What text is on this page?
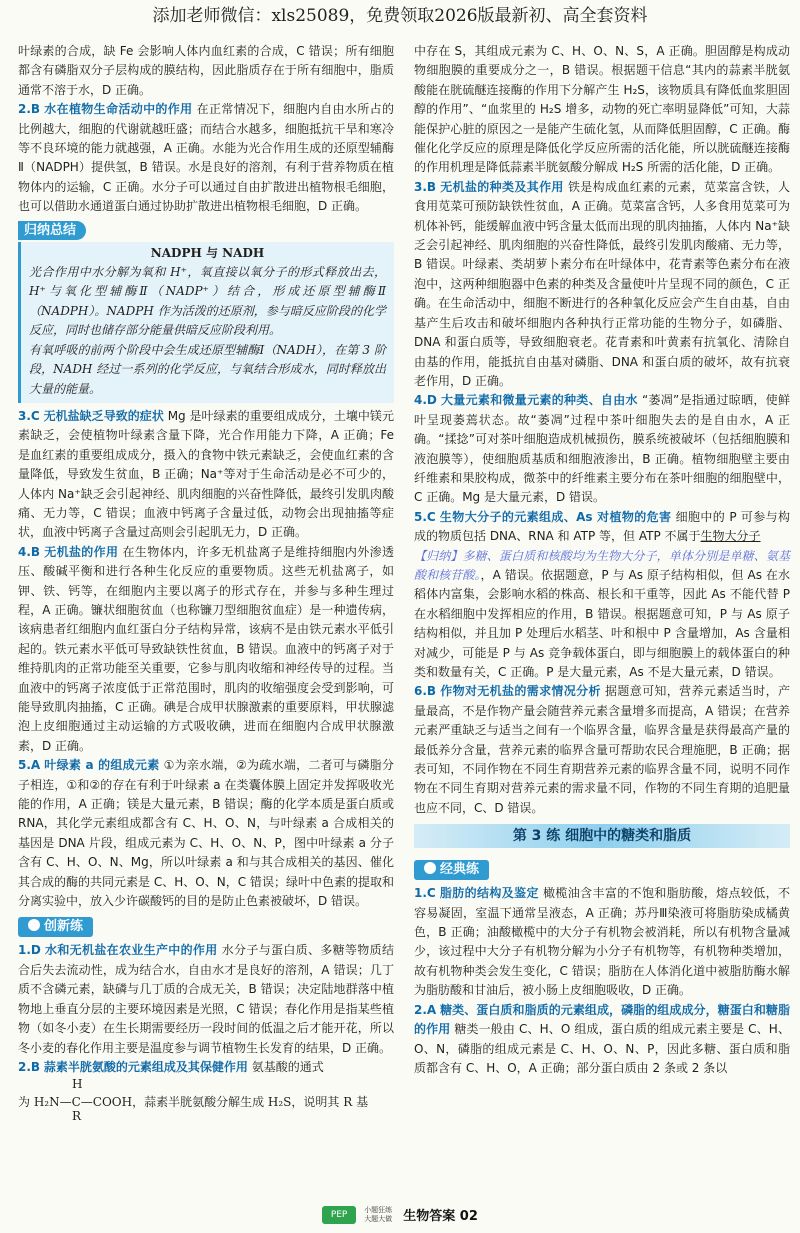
添加老师微信：xls25089，免费领取2026版最新初、高全套资料

叶绿素的合成，缺 Fe 会影响人体内血红素的合成，C 错误；所有细胞都含有磷脂双分子层构成的膜结构，因此脂质存在于所有细胞中，脂质通常不溶于水，D 正确。

2.B 水在植物生命活动中的作用 在正常情况下，细胞内自由水所占的比例越大，细胞的代谢就越旺盛；而结合水越多，细胞抵抗干旱和寒冷等不良环境的能力就越强，A 正确。水能为光合作用生成的还原型辅酶Ⅱ（NADPH）提供氢，B 错误。水是良好的溶剂，有利于营养物质在植物体内的运输，C 正确。水分子可以通过自由扩散进出植物根毛细胞，也可以借助水通道蛋白通过协助扩散进出植物根毛细胞，D 正确。

归纳总结
NADPH 与 NADH

光合作用中水分解为氧和 H⁺，氧直接以氧分子的形式释放出去，H⁺与氧化型辅酶Ⅱ（NADP⁺）结合，形成还原型辅酶Ⅱ（NADPH）。NADPH 作为活泼的还原剂，参与暗反应阶段的化学反应，同时也储存部分能量供暗反应阶段利用。

有氧呼吸的前两个阶段中会生成还原型辅酶Ⅰ（NADH），在第 3 阶段，NADH 经过一系列的化学反应，与氧结合形成水，同时释放出大量的能量。

3.C 无机盐缺乏导致的症状 Mg 是叶绿素的重要组成成分，土壤中镁元素缺乏，会使植物叶绿素含量下降，光合作用能力下降，A 正确；Fe 是血红素的重要组成成分，摄入的食物中铁元素缺乏，会使血红素的含量降低，导致发生贫血，B 正确；Na⁺等对于生命活动是必不可少的，人体内 Na⁺缺乏会引起神经、肌肉细胞的兴奋性降低，最终引发肌肉酸痛、无力等，C 错误；血液中钙离子含量过低，动物会出现抽搐等症状，血液中钙离子含量过高则会引起肌无力，D 正确。

4.B 无机盐的作用 在生物体内，许多无机盐离子是维持细胞内外渗透压、酸碱平衡和进行各种生化反应的重要物质。这些无机盐离子，如钾、铁、钙等，在细胞内主要以离子的形式存在，并参与多种生理过程，A 正确。镰状细胞贫血（也称镰刀型细胞贫血症）是一种遗传病，该病患者红细胞内血红蛋白分子结构异常，该病不是由铁元素水平低引起的。铁元素水平低可导致缺铁性贫血，B 错误。血液中的钙离子对于维持肌肉的正常功能至关重要，它参与肌肉收缩和神经传导的过程。当血液中的钙离子浓度低于正常范围时，肌肉的收缩强度会受到影响，可能导致肌肉抽搐，C 正确。碘是合成甲状腺激素的重要原料，甲状腺滤泡上皮细胞通过主动运输的方式吸收碘，进而在细胞内合成甲状腺激素，D 正确。

5.A 叶绿素 a 的组成元素 ①为亲水端，②为疏水端，二者可与磷脂分子相连，①和②的存在有利于叶绿素 a 在类囊体膜上固定并发挥吸收光能的作用，A 正确；镁是大量元素，B 错误；酶的化学本质是蛋白质或 RNA，其化学元素组成都含有 C、H、O、N，与叶绿素 a 合成相关的基因是 DNA 片段，组成元素为 C、H、O、N、P，图中叶绿素 a 分子含有 C、H、O、N、Mg，所以叶绿素 a 和与其合成相关的基因、催化其合成的酶的共同元素是 C、H、O、N，C 错误；绿叶中色素的提取和分离实验中，放入少许碳酸钙的目的是防止色素被破坏，D 错误。

创新练

1.D 水和无机盐在农业生产中的作用 水分子与蛋白质、多糖等物质结合后失去流动性，成为结合水，自由水才是良好的溶剂，A 错误；几丁质不含磷元素，缺磷与几丁质的合成无关，B 错误；决定陆地群落中植物地上垂直分层的主要环境因素是光照，C 错误；春化作用是指某些植物（如冬小麦）在生长期需要经历一段时间的低温之后才能开花，所以冬小麦的春化作用主要是温度参与调节植物生长发育的结果，D 正确。

2.B 蒜素半胱氨酸的元素组成及其保健作用 氨基酸的通式

H
为 H₂N—C—COOH，蒜素半胱氨酸分解生成 H₂S，说明其 R 基
R

中存在 S，其组成元素为 C、H、O、N、S，A 正确。胆固醇是构成动物细胞膜的重要成分之一，B 错误。根据题干信息“其内的蒜素半胱氨酸能在胱硫醚连接酶的作用下分解产生 H₂S，该物质具有降低血浆胆固醇的作用”、“血浆里的 H₂S 增多，动物的死亡率明显降低”可知，大蒜能保护心脏的原因之一是能产生硫化氢，从而降低胆固醇，C 正确。酶催化化学反应的原理是降低化学反应所需的活化能，所以胱硫醚连接酶的作用机理是降低蒜素半胱氨酸分解成 H₂S 所需的活化能，D 正确。

3.B 无机盐的种类及其作用 铁是构成血红素的元素，苋菜富含铁，人食用苋菜可预防缺铁性贫血，A 正确。苋菜富含钙，人多食用苋菜可为机体补钙，能缓解血液中钙含量太低而出现的肌肉抽搐，人体内 Na⁺缺乏会引起神经、肌肉细胞的兴奋性降低，最终引发肌肉酸痛、无力等，B 错误。叶绿素、类胡萝卜素分布在叶绿体中，花青素等色素分布在液泡中，这两种细胞器中色素的种类及含量使叶片呈现不同的颜色，C 正确。在生命活动中，细胞不断进行的各种氧化反应会产生自由基，自由基产生后攻击和破坏细胞内各种执行正常功能的生物分子，如磷脂、DNA 和蛋白质等，导致细胞衰老。花青素和叶黄素有抗氧化、清除自由基的作用，能抵抗自由基对磷脂、DNA 和蛋白质的破坏，故有抗衰老作用，D 正确。

4.D 大量元素和微量元素的种类、自由水 “萎凋”是指通过晾晒，使鲜叶呈现萎蔫状态。故“萎凋”过程中茶叶细胞失去的是自由水，A 正确。“揉捻”可对茶叶细胞造成机械损伤，膜系统被破坏（包括细胞膜和液泡膜等），使细胞质基质和细胞液渗出，B 正确。植物细胞壁主要由纤维素和果胶构成，微茶中的纤维素主要分布在茶叶细胞的细胞壁中，C 正确。Mg 是大量元素，D 错误。

5.C 生物大分子的元素组成、As 对植物的危害 细胞中的 P 可参与构成的物质包括 DNA、RNA 和 ATP 等，但 ATP 不属于生物大分子
【归纳】多糖、蛋白质和核酸均为生物大分子，单体分别是单糖、氨基酸和核苷酸。，A 错误。依据题意，P 与 As 原子结构相似，但 As 在水稻体内富集，会影响水稻的株高、根长和干重等，因此 As 不能代替 P 在水稻细胞中发挥相应的作用，B 错误。根据题意可知，P 与 As 原子结构相似，并且加 P 处理后水稻茎、叶和根中 P 含量增加，As 含量相对减少，可能是 P 与 As 竞争载体蛋白，即与细胞膜上的载体蛋白的种类和数量有关，C 正确。P 是大量元素，As 不是大量元素，D 错误。

6.B 作物对无机盐的需求情况分析 据题意可知，营养元素适当时，产量最高，不是作物产量会随营养元素含量增多而提高，A 错误；在营养元素严重缺乏与适当之间有一个临界含量，临界含量是获得最高产量的最低养分含量，营养元素的临界含量可帮助农民合理施肥，B 正确；据表可知，不同作物在不同生育期营养元素的临界含量不同，说明不同作物在不同生育期对营养元素的需求量不同，作物的不同生育期的追肥量也应不同，C、D 错误。

第 3 练 细胞中的糖类和脂质
经典练

1.C 脂肪的结构及鉴定 橄榄油含丰富的不饱和脂肪酸，熔点较低，不容易凝固，室温下通常呈液态，A 正确；苏丹Ⅲ染液可将脂肪染成橘黄色，B 正确；油酸橄榄中的大分子有机物会被消耗，所以有机物含量减少，该过程中大分子有机物分解为小分子有机物等，有机物种类增加，故有机物种类会发生变化，C 错误；脂肪在人体消化道中被脂肪酶水解为脂肪酸和甘油后，被小肠上皮细胞吸收，D 正确。

2.A 糖类、蛋白质和脂质的元素组成，磷脂的组成成分，糖蛋白和糖脂的作用 糖类一般由 C、H、O 组成，蛋白质的组成元素主要是 C、H、O、N，磷脂的组成元素是 C、H、O、N、P，因此多糖、蛋白质和脂质都含有 C、H、O，A 正确；部分蛋白质由 2 条或 2 条以

PEP 小题狂练
大题大做 生物答案 02
